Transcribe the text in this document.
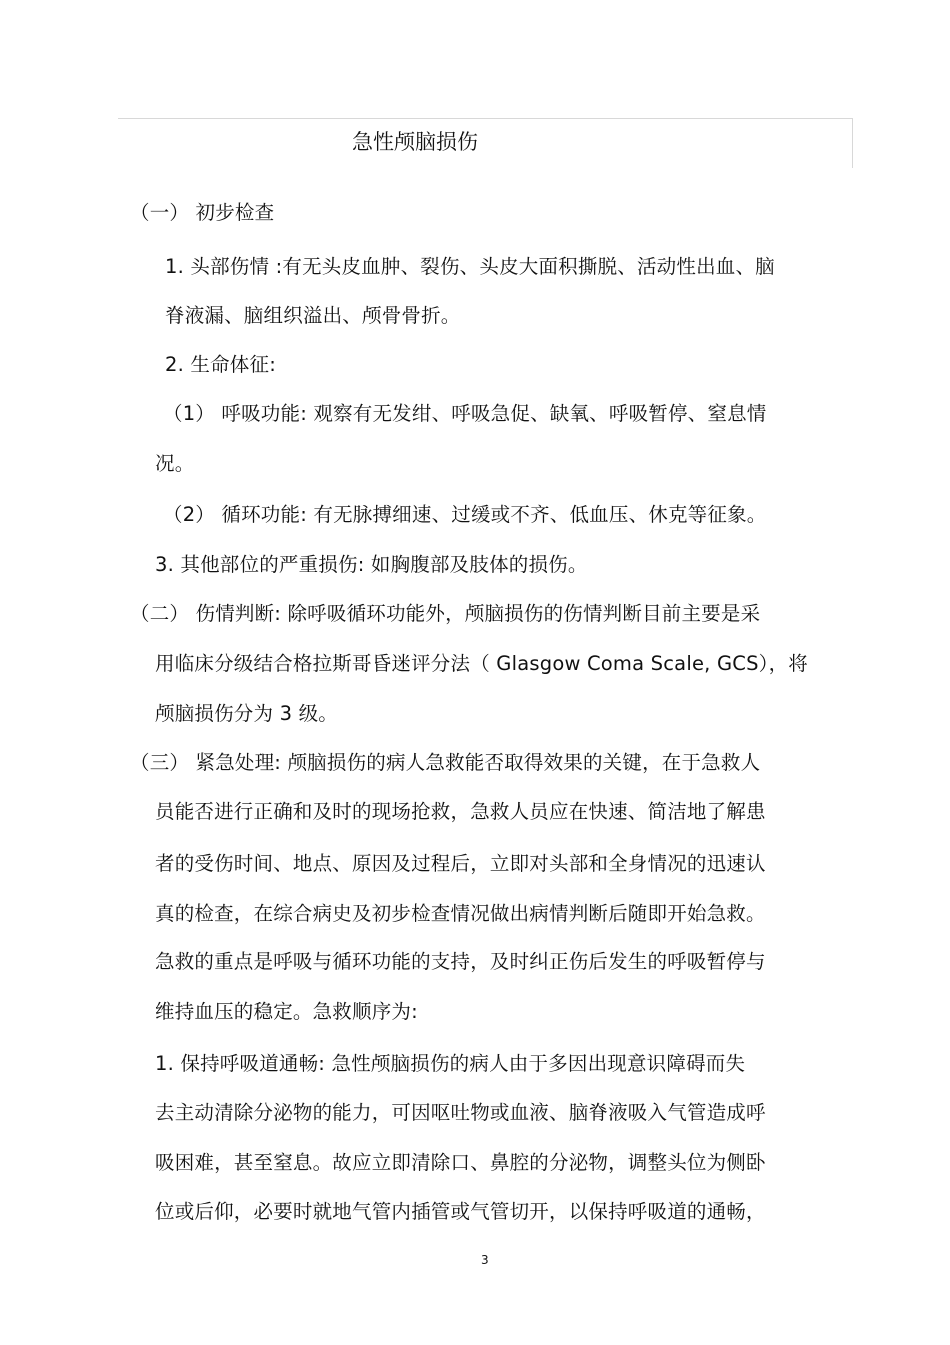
急性颅脑损伤
（一） 初步检查
1. 头部伤情 :有无头皮血肿、裂伤、头皮大面积撕脱、活动性出血、脑
脊液漏、脑组织溢出、颅骨骨折。
2. 生命体征:
（1） 呼吸功能: 观察有无发绀、呼吸急促、缺氧、呼吸暂停、窒息情
况。
（2） 循环功能: 有无脉搏细速、过缓或不齐、低血压、休克等征象。
3. 其他部位的严重损伤: 如胸腹部及肢体的损伤。
（二） 伤情判断: 除呼吸循环功能外，颅脑损伤的伤情判断目前主要是采
用临床分级结合格拉斯哥昏迷评分法（ Glasgow Coma Scale, GCS），将
颅脑损伤分为 3 级。
（三） 紧急处理: 颅脑损伤的病人急救能否取得效果的关键，在于急救人
员能否进行正确和及时的现场抢救，急救人员应在快速、简洁地了解患
者的受伤时间、地点、原因及过程后，立即对头部和全身情况的迅速认
真的检查，在综合病史及初步检查情况做出病情判断后随即开始急救。
急救的重点是呼吸与循环功能的支持，及时纠正伤后发生的呼吸暂停与
维持血压的稳定。急救顺序为:
1. 保持呼吸道通畅: 急性颅脑损伤的病人由于多因出现意识障碍而失
去主动清除分泌物的能力，可因呕吐物或血液、脑脊液吸入气管造成呼
吸困难，甚至窒息。故应立即清除口、鼻腔的分泌物，调整头位为侧卧
位或后仰，必要时就地气管内插管或气管切开，以保持呼吸道的通畅，
3
